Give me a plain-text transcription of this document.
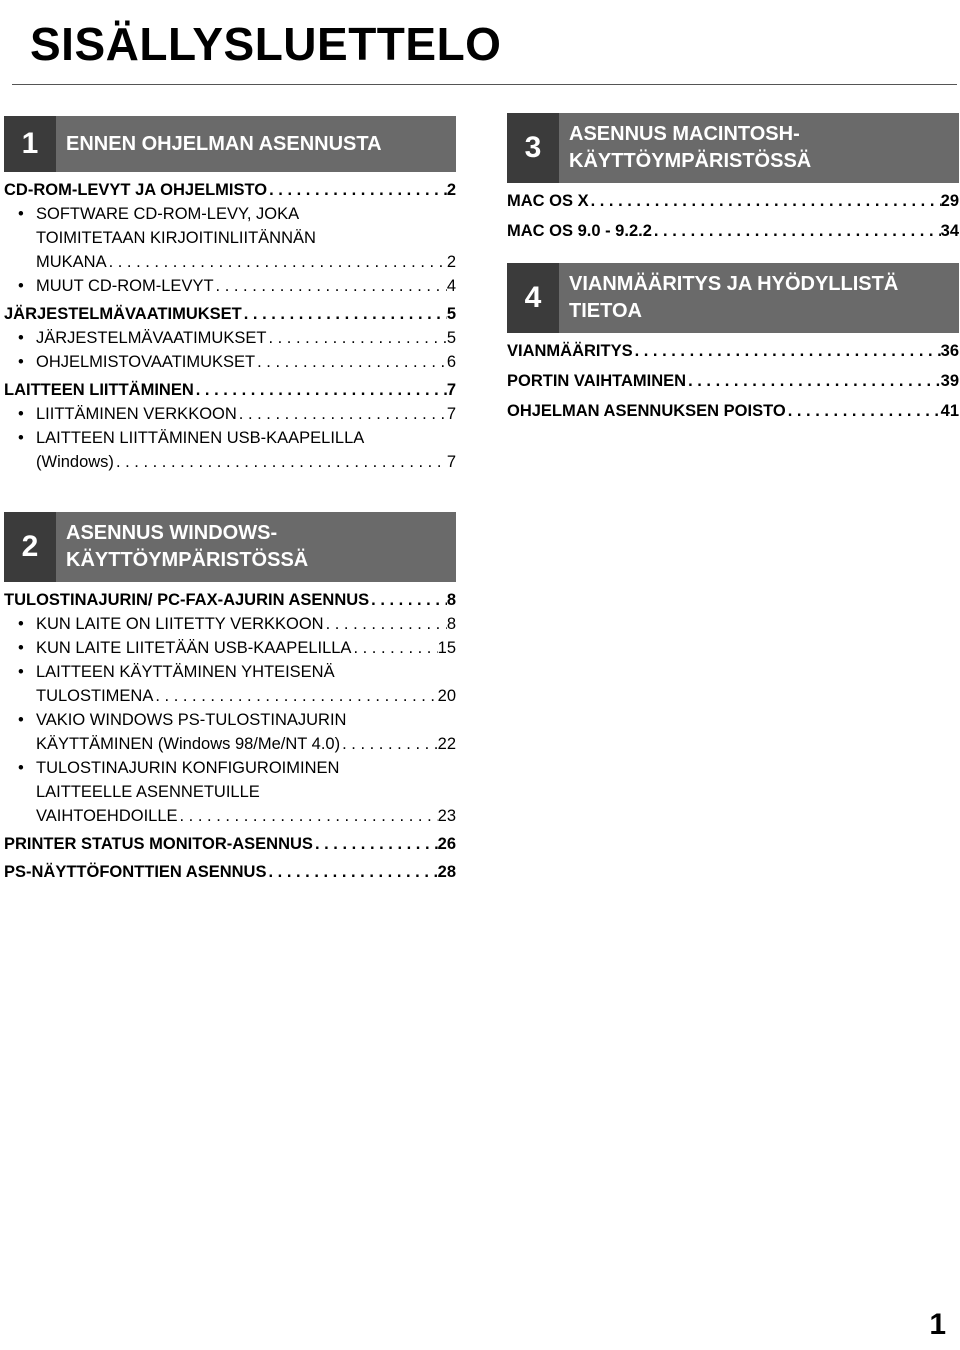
SISÄLLYSLUETTELO
1	ENNEN OHJELMAN ASENNUSTA
CD-ROM-LEVYT JA OHJELMISTO . . .	2
• SOFTWARE CD-ROM-LEVY, JOKA
TOIMITETAAN KIRJOITINLIITÄNNÄN
MUKANA . . .	2
• MUUT CD-ROM-LEVYT . . .	4
JÄRJESTELMÄVAATIMUKSET . . .	5
• JÄRJESTELMÄVAATIMUKSET . . .	5
• OHJELMISTOVAATIMUKSET . . .	6
LAITTEEN LIITTÄMINEN . . .	7
• LIITTÄMINEN VERKKOON . . .	7
• LAITTEEN LIITTÄMINEN USB-KAAPELILLA
(Windows) . . .	7
2	ASENNUS WINDOWS-
KÄYTTÖYMPÄRISTÖSSÄ
TULOSTINAJURIN/ PC-FAX-AJURIN ASENNUS . . .	8
• KUN LAITE ON LIITETTY VERKKOON . . .	8
• KUN LAITE LIITETÄÄN USB-KAAPELILLA . . .	15
• LAITTEEN KÄYTTÄMINEN YHTEISENÄ
TULOSTIMENA . . .	20
• VAKIO WINDOWS PS-TULOSTINAJURIN
KÄYTTÄMINEN (Windows 98/Me/NT 4.0) . . .	22
• TULOSTINAJURIN KONFIGUROIMINEN
LAITTEELLE ASENNETUILLE
VAIHTOEHDOILLE . . .	23
PRINTER STATUS MONITOR-ASENNUS . . .	26
PS-NÄYTTÖFONTTIEN ASENNUS . . .	28
3	ASENNUS MACINTOSH-
KÄYTTÖYMPÄRISTÖSSÄ
MAC OS X . . .	29
MAC OS 9.0 - 9.2.2 . . .	34
4	VIANMÄÄRITYS JA HYÖDYLLISTÄ
TIETOA
VIANMÄÄRITYS . . .	36
PORTIN VAIHTAMINEN . . .	39
OHJELMAN ASENNUKSEN POISTO . . .	41
1
